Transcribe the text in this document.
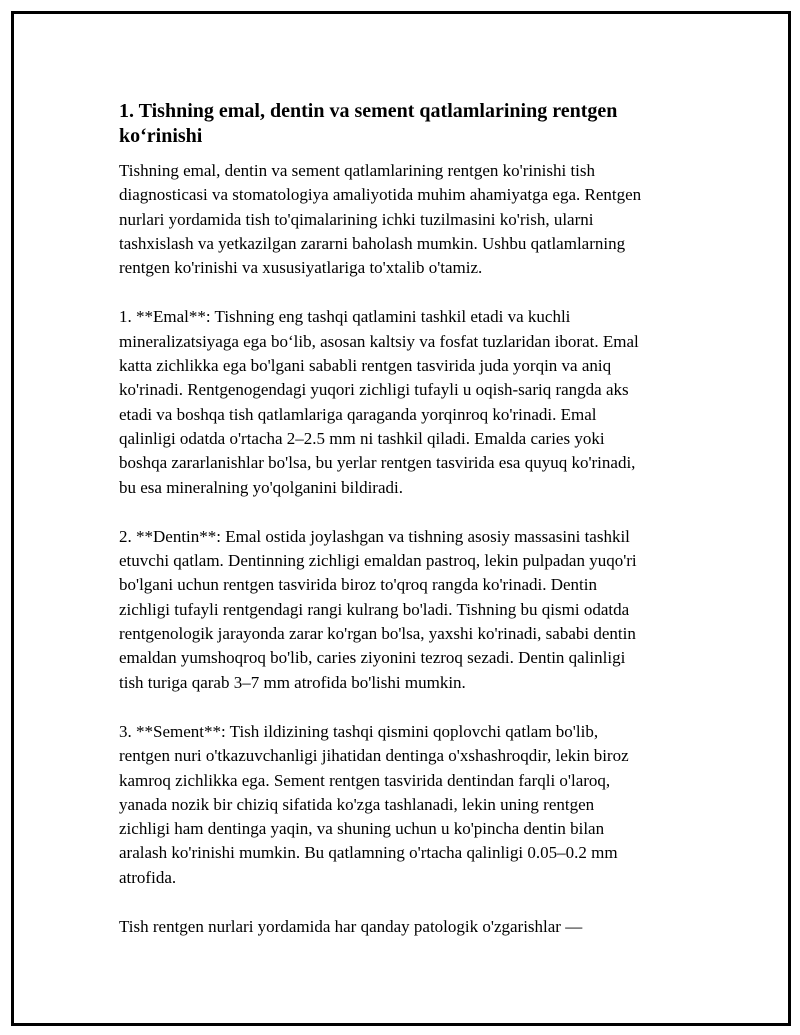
1. Tishning emal, dentin va sement qatlamlarining rentgen
ko‘rinishi

Tishning emal, dentin va sement qatlamlarining rentgen ko'rinishi tish
diagnosticasi va stomatologiya amaliyotida muhim ahamiyatga ega. Rentgen
nurlari yordamida tish to'qimalarining ichki tuzilmasini ko'rish, ularni
tashxislash va yetkazilgan zararni baholash mumkin. Ushbu qatlamlarning
rentgen ko'rinishi va xususiyatlariga to'xtalib o'tamiz.

1. **Emal**: Tishning eng tashqi qatlamini tashkil etadi va kuchli
mineralizatsiyaga ega bo‘lib, asosan kaltsiy va fosfat tuzlaridan iborat. Emal
katta zichlikka ega bo'lgani sababli rentgen tasvirida juda yorqin va aniq
ko'rinadi. Rentgenogendagi yuqori zichligi tufayli u oqish-sariq rangda aks
etadi va boshqa tish qatlamlariga qaraganda yorqinroq ko'rinadi. Emal
qalinligi odatda o'rtacha 2–2.5 mm ni tashkil qiladi. Emalda caries yoki
boshqa zararlanishlar bo'lsa, bu yerlar rentgen tasvirida esa quyuq ko'rinadi,
bu esa mineralning yo'qolganini bildiradi.

2. **Dentin**: Emal ostida joylashgan va tishning asosiy massasini tashkil
etuvchi qatlam. Dentinning zichligi emaldan pastroq, lekin pulpadan yuqo'ri
bo'lgani uchun rentgen tasvirida biroz to'qroq rangda ko'rinadi. Dentin
zichligi tufayli rentgendagi rangi kulrang bo'ladi. Tishning bu qismi odatda
rentgenologik jarayonda zarar ko'rgan bo'lsa, yaxshi ko'rinadi, sababi dentin
emaldan yumshoqroq bo'lib, caries ziyonini tezroq sezadi. Dentin qalinligi
tish turiga qarab 3–7 mm atrofida bo'lishi mumkin.

3. **Sement**: Tish ildizining tashqi qismini qoplovchi qatlam bo'lib,
rentgen nuri o'tkazuvchanligi jihatidan dentinga o'xshashroqdir, lekin biroz
kamroq zichlikka ega. Sement rentgen tasvirida dentindan farqli o'laroq,
yanada nozik bir chiziq sifatida ko'zga tashlanadi, lekin uning rentgen
zichligi ham dentinga yaqin, va shuning uchun u ko'pincha dentin bilan
aralash ko'rinishi mumkin. Bu qatlamning o'rtacha qalinligi 0.05–0.2 mm
atrofida.

Tish rentgen nurlari yordamida har qanday patologik o'zgarishlar —
